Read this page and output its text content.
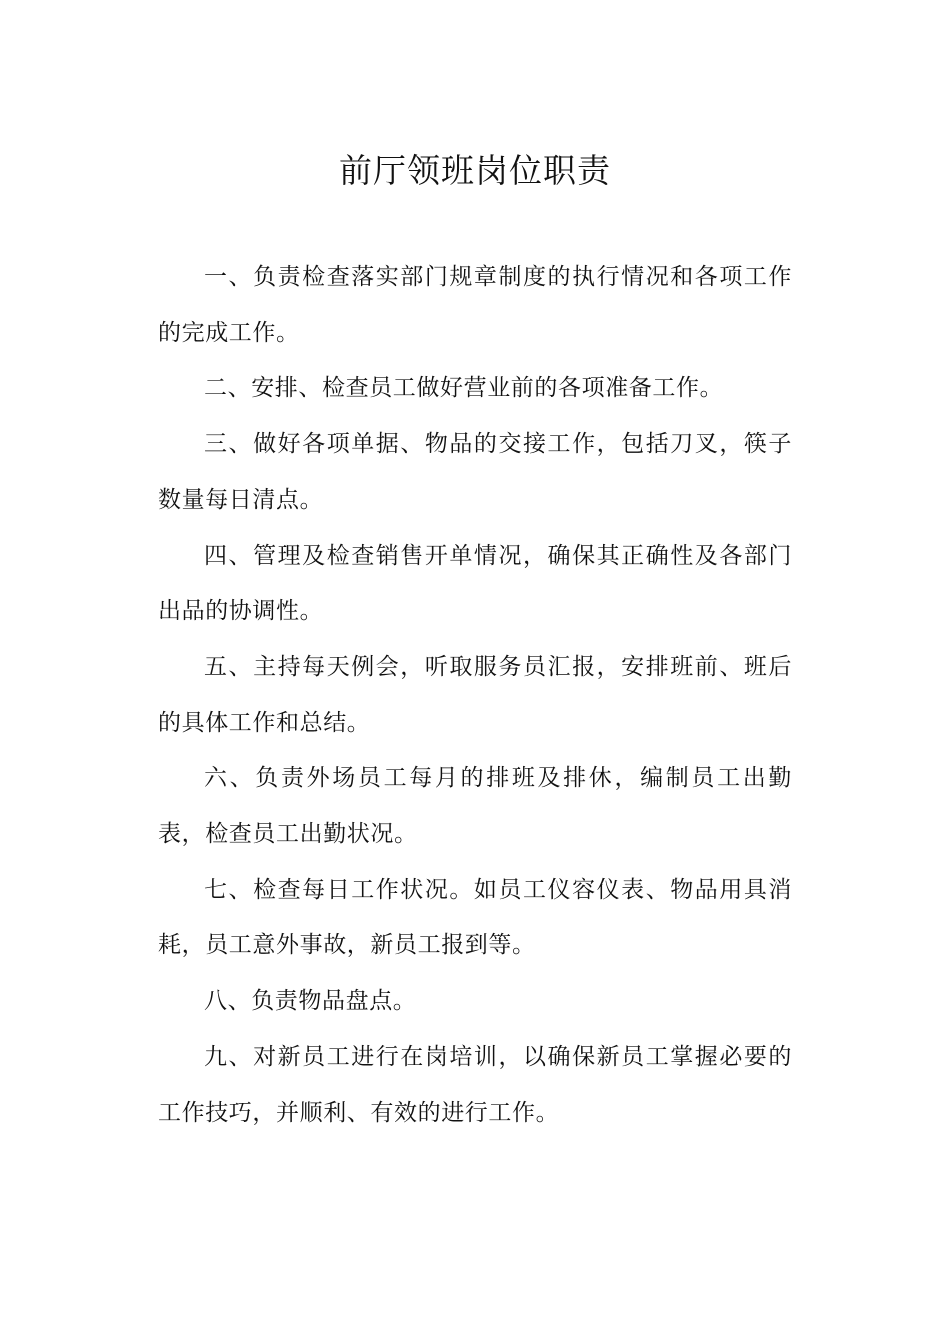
前厅领班岗位职责

一、负责检查落实部门规章制度的执行情况和各项工作的完成工作。

二、安排、检查员工做好营业前的各项准备工作。

三、做好各项单据、物品的交接工作，包括刀叉，筷子数量每日清点。

四、管理及检查销售开单情况，确保其正确性及各部门出品的协调性。

五、主持每天例会，听取服务员汇报，安排班前、班后的具体工作和总结。

六、负责外场员工每月的排班及排休，编制员工出勤表，检查员工出勤状况。

七、检查每日工作状况。如员工仪容仪表、物品用具消耗，员工意外事故，新员工报到等。

八、负责物品盘点。

九、对新员工进行在岗培训，以确保新员工掌握必要的工作技巧，并顺利、有效的进行工作。
